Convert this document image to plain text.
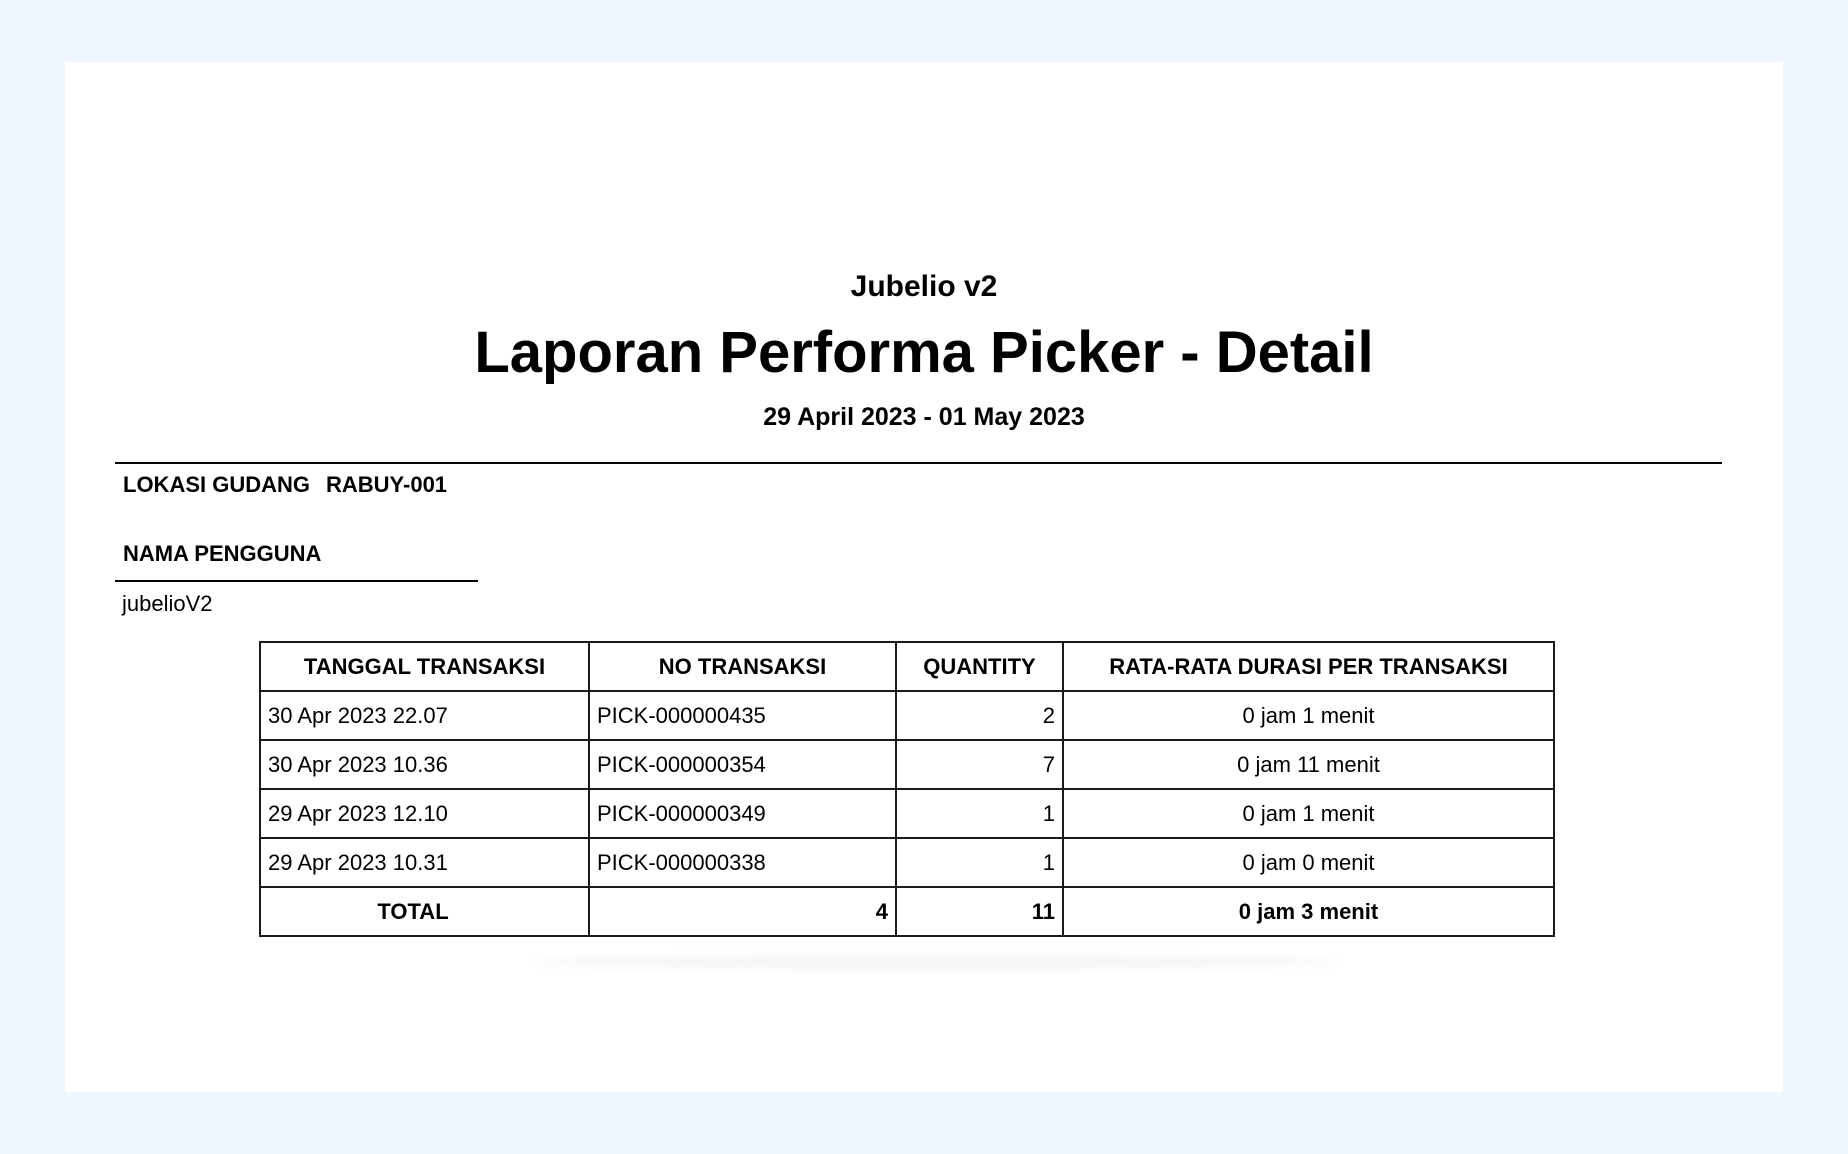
Jubelio v2
Laporan Performa Picker - Detail
29 April 2023 - 01 May 2023
LOKASI GUDANG RABUY-001
NAMA PENGGUNA
jubelioV2
TANGGAL TRANSAKSI	NO TRANSAKSI	QUANTITY	RATA-RATA DURASI PER TRANSAKSI
30 Apr 2023 22.07	PICK-000000435	2	0 jam 1 menit
30 Apr 2023 10.36	PICK-000000354	7	0 jam 11 menit
29 Apr 2023 12.10	PICK-000000349	1	0 jam 1 menit
29 Apr 2023 10.31	PICK-000000338	1	0 jam 0 menit
TOTAL	4	11	0 jam 3 menit
